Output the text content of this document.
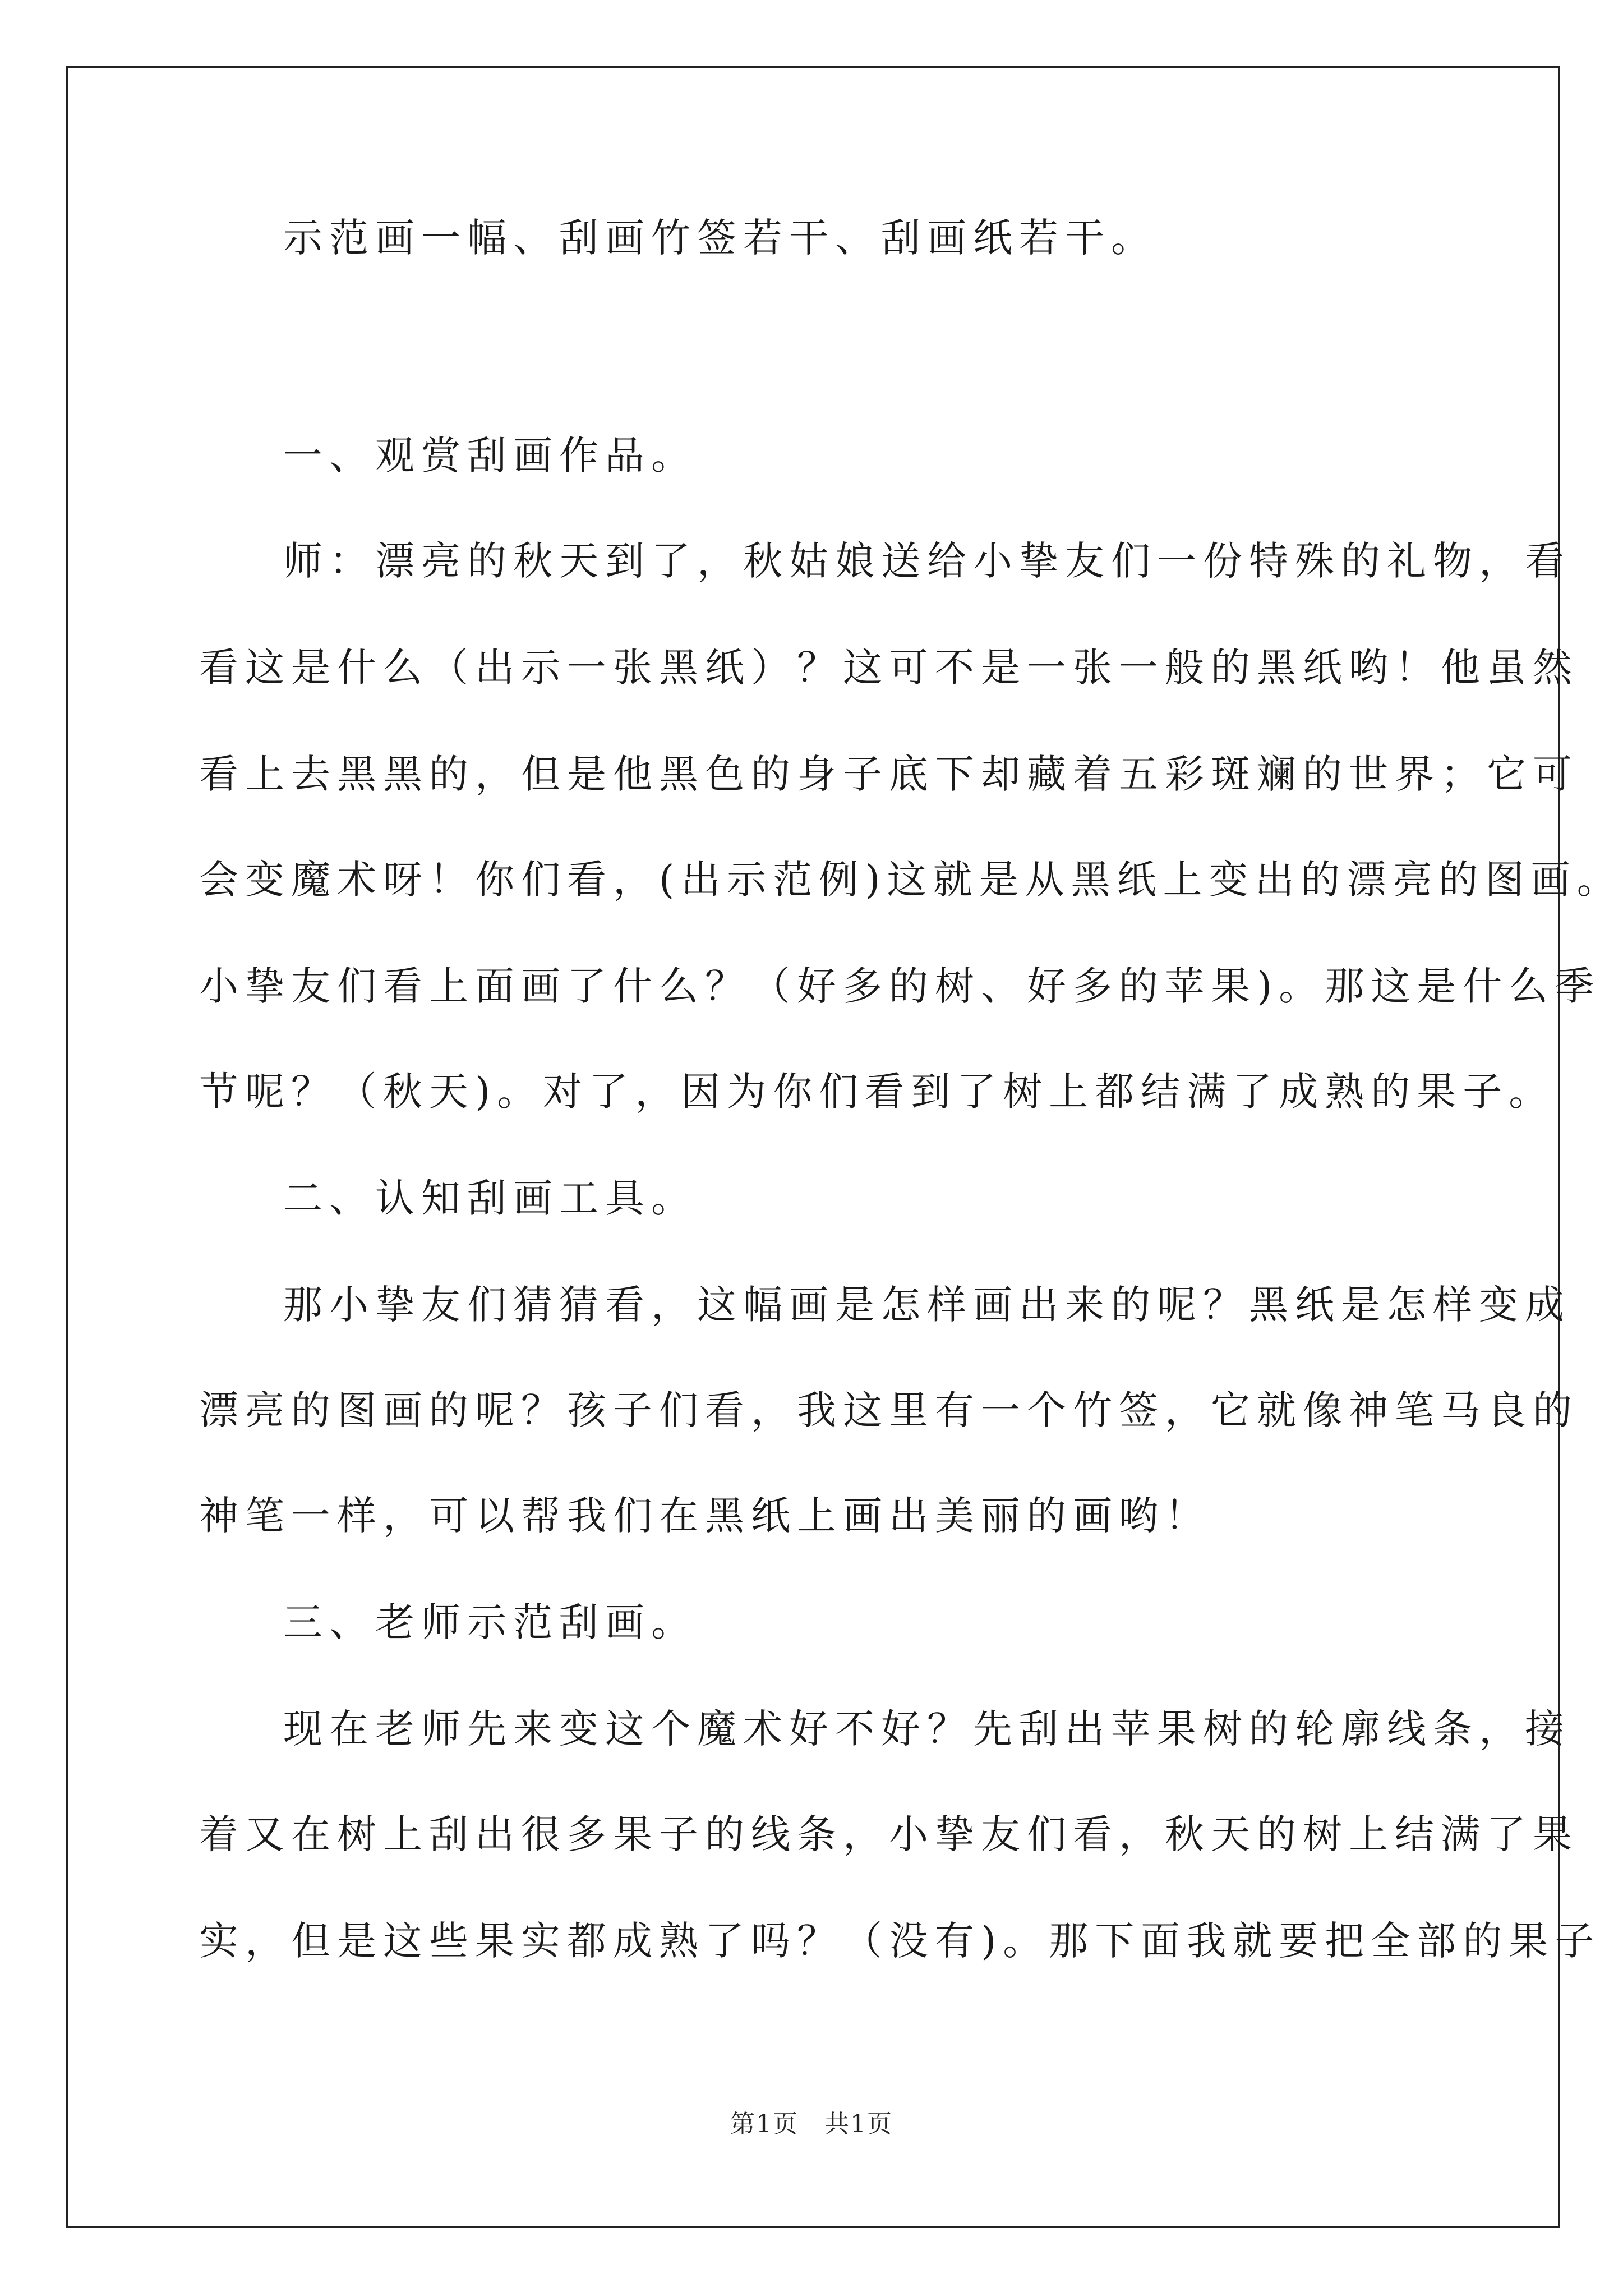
示范画一幅、刮画竹签若干、刮画纸若干。
一、观赏刮画作品。
师：漂亮的秋天到了，秋姑娘送给小挚友们一份特殊的礼物，看
看这是什么（出示一张黑纸）？这可不是一张一般的黑纸哟！他虽然
看上去黑黑的，但是他黑色的身子底下却藏着五彩斑斓的世界；它可
会变魔术呀！你们看，(出示范例)这就是从黑纸上变出的漂亮的图画。
小挚友们看上面画了什么？（好多的树、好多的苹果)。那这是什么季
节呢？（秋天)。对了，因为你们看到了树上都结满了成熟的果子。
二、认知刮画工具。
那小挚友们猜猜看，这幅画是怎样画出来的呢？黑纸是怎样变成
漂亮的图画的呢？孩子们看，我这里有一个竹签，它就像神笔马良的
神笔一样，可以帮我们在黑纸上画出美丽的画哟！
三、老师示范刮画。
现在老师先来变这个魔术好不好？先刮出苹果树的轮廓线条，接
着又在树上刮出很多果子的线条，小挚友们看，秋天的树上结满了果
实，但是这些果实都成熟了吗？（没有)。那下面我就要把全部的果子
第1页　共1页
